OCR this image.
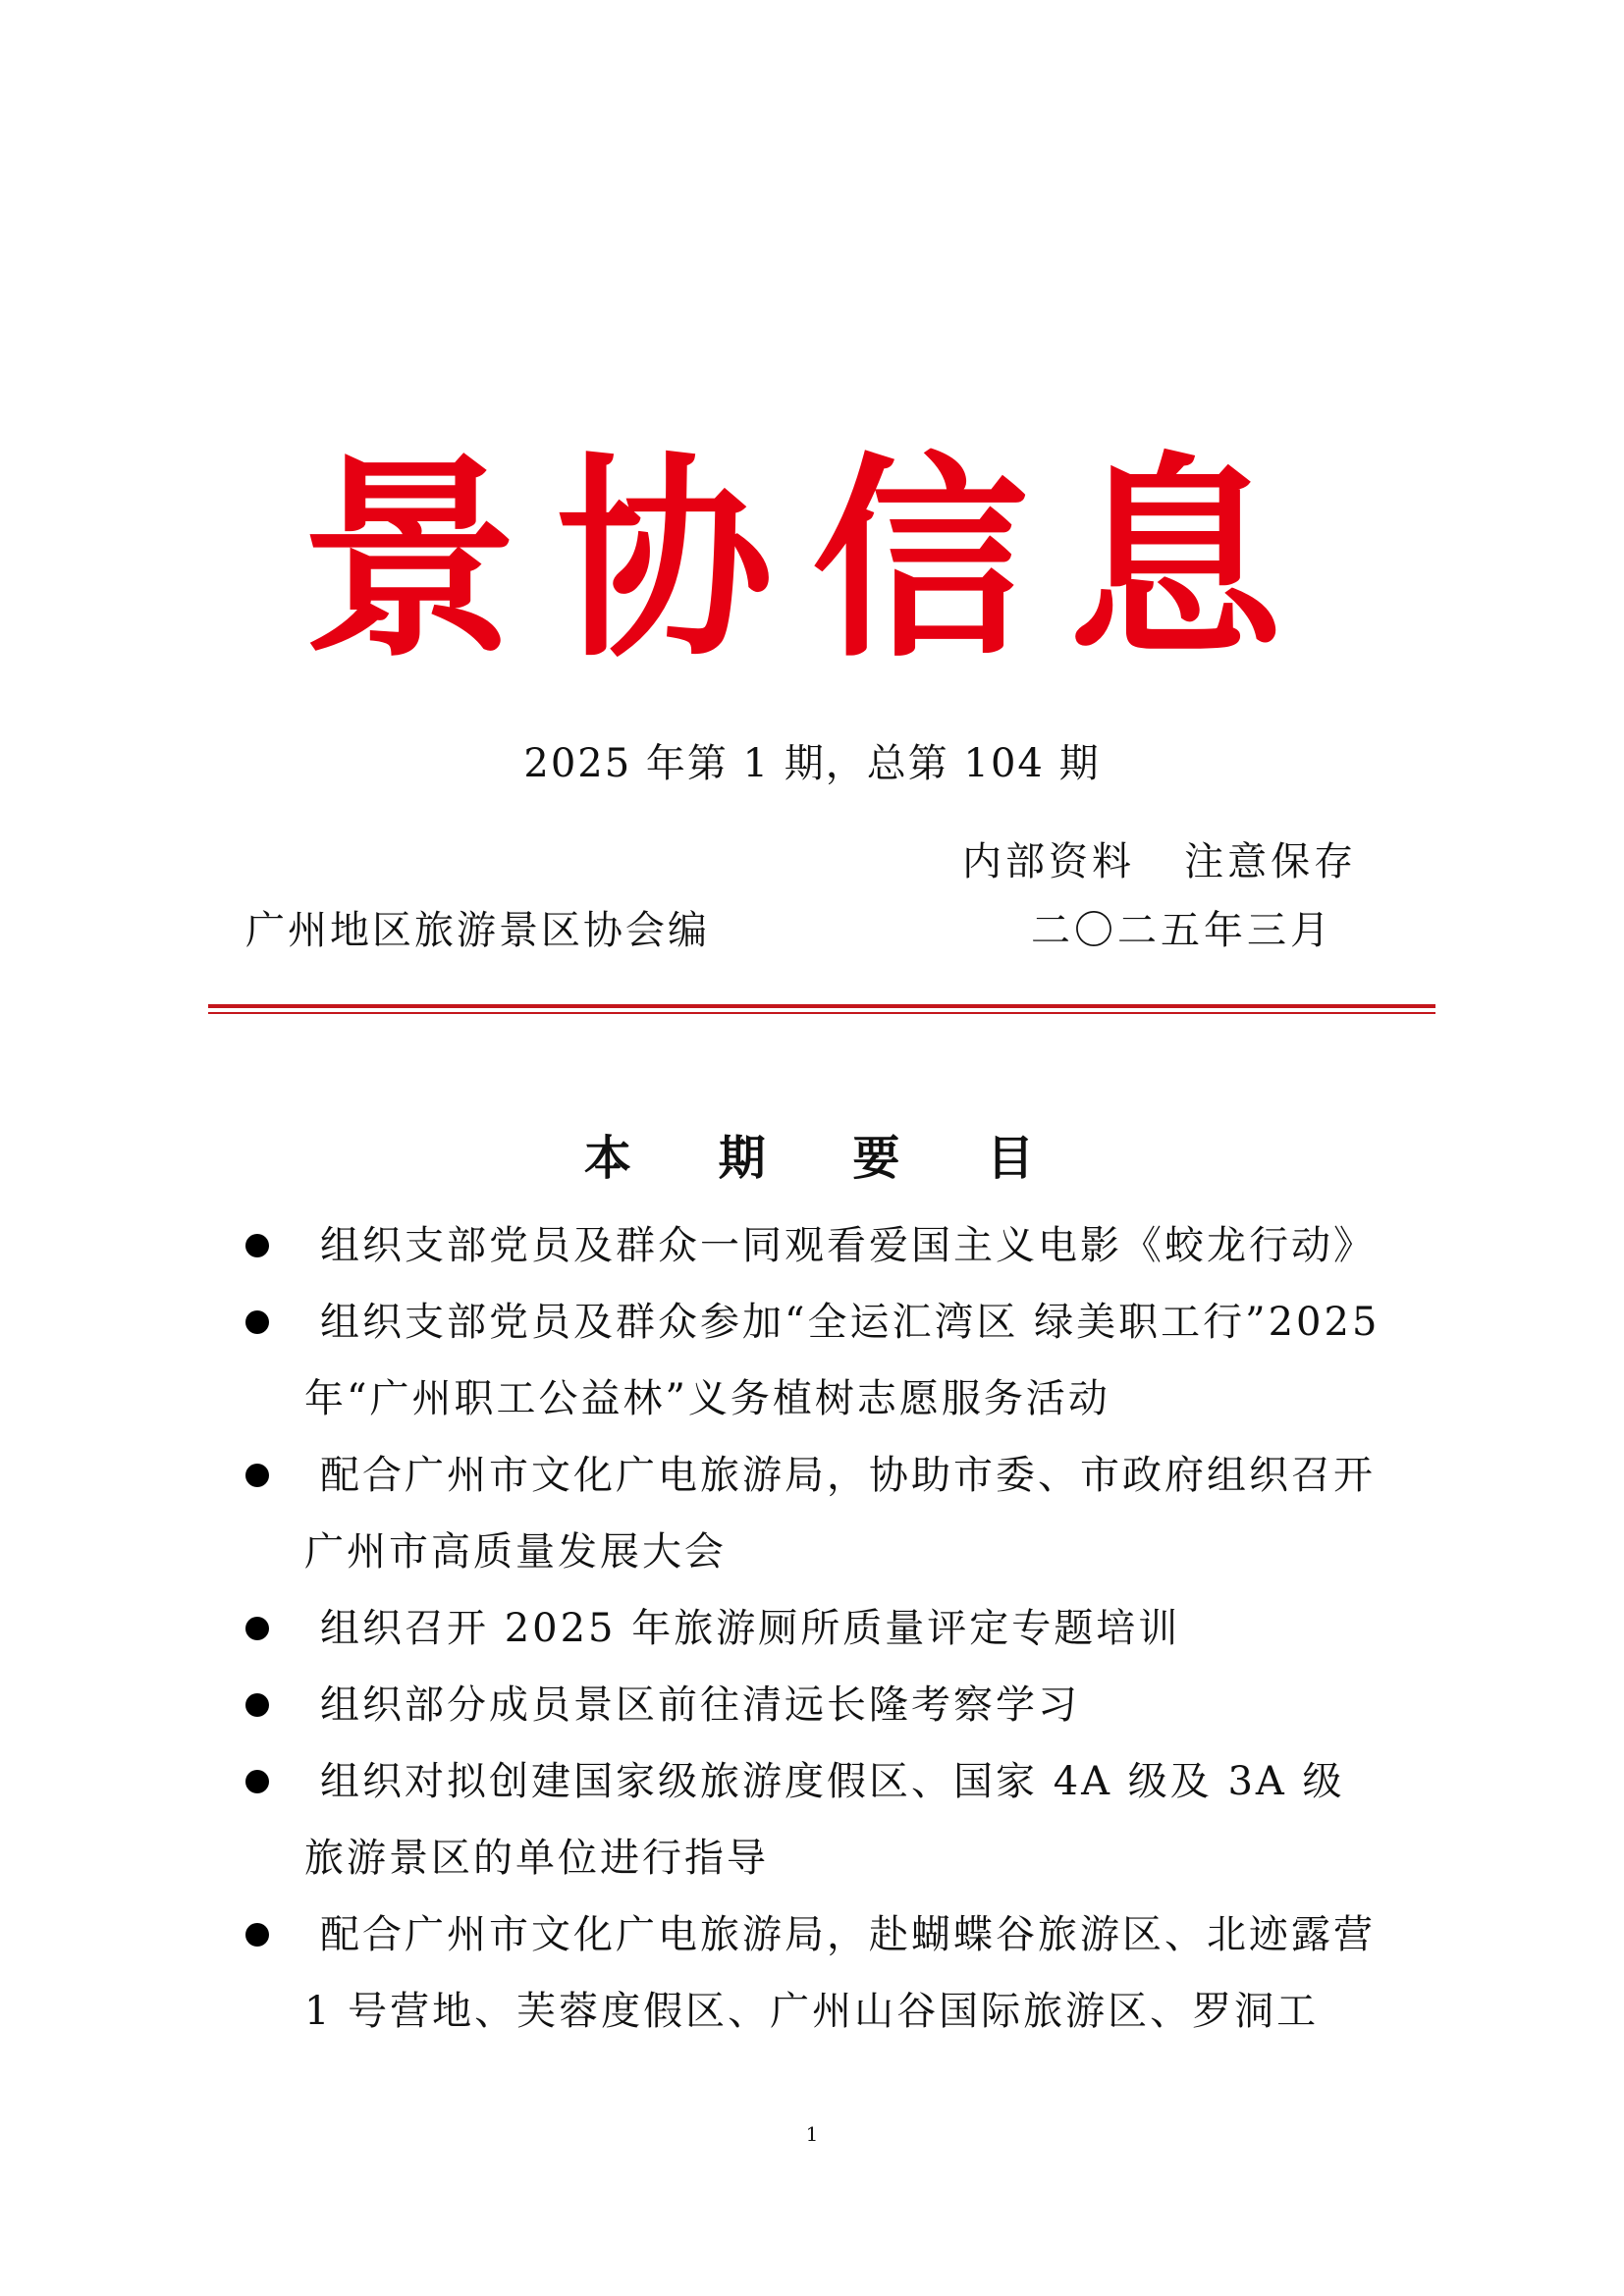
景协信息
2025 年第 1 期，总第 104 期
内部资料   注意保存
广州地区旅游景区协会编	二〇二五年三月
本 期 要 目
组织支部党员及群众一同观看爱国主义电影《蛟龙行动》
组织支部党员及群众参加“全运汇湾区 绿美职工行”2025 年“广州职工公益林”义务植树志愿服务活动
配合广州市文化广电旅游局，协助市委、市政府组织召开广州市高质量发展大会
组织召开 2025 年旅游厕所质量评定专题培训
组织部分成员景区前往清远长隆考察学习
组织对拟创建国家级旅游度假区、国家 4A 级及 3A 级旅游景区的单位进行指导
配合广州市文化广电旅游局，赴蝴蝶谷旅游区、北迹露营 1 号营地、芙蓉度假区、广州山谷国际旅游区、罗洞工
1
